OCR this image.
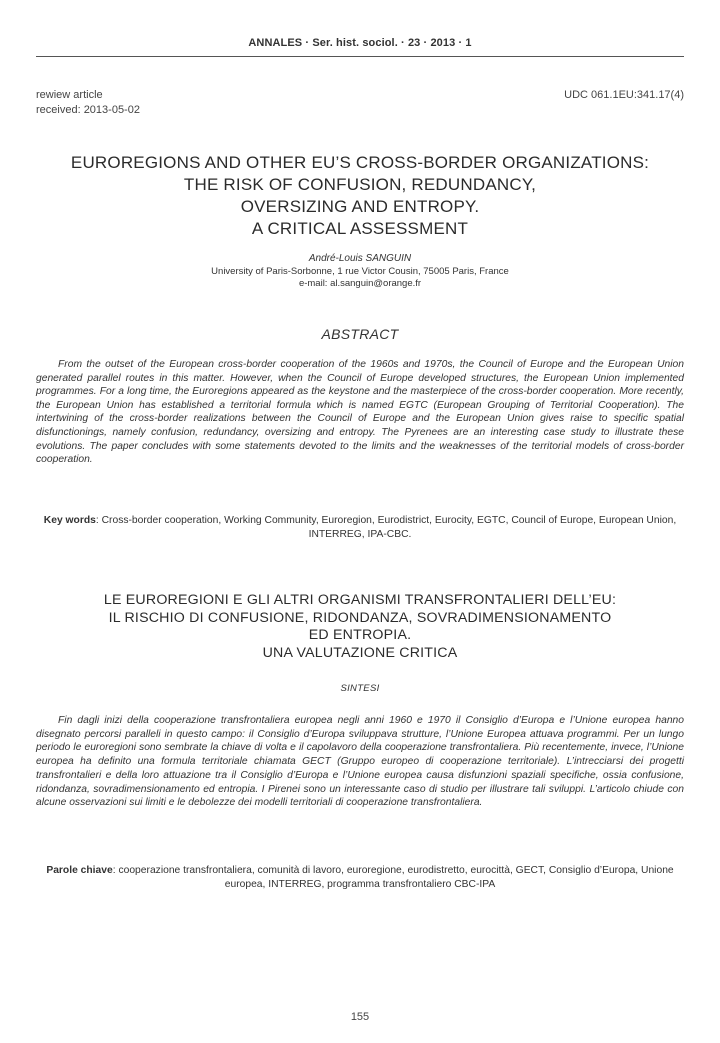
ANNALES · Ser. hist. sociol. · 23 · 2013 · 1
rewiew article
received: 2013-05-02
UDC 061.1EU:341.17(4)
EUROREGIONS AND OTHER EU’S CROSS-BORDER ORGANIZATIONS:
THE RISK OF CONFUSION, REDUNDANCY,
OVERSIZING AND ENTROPY.
A CRITICAL ASSESSMENT
André-Louis SANGUIN
University of Paris-Sorbonne, 1 rue Victor Cousin, 75005 Paris, France
e-mail: al.sanguin@orange.fr
ABSTRACT
From the outset of the European cross-border cooperation of the 1960s and 1970s, the Council of Europe and the European Union generated parallel routes in this matter. However, when the Council of Europe developed structures, the European Union implemented programmes. For a long time, the Euroregions appeared as the keystone and the masterpiece of the cross-border cooperation. More recently, the European Union has established a territorial formula which is named EGTC (European Grouping of Territorial Cooperation). The intertwining of the cross-border realizations between the Council of Europe and the European Union gives raise to specific spatial disfunctionings, namely confusion, redundancy, oversizing and entropy. The Pyrenees are an interesting case study to illustrate these evolutions. The paper concludes with some statements devoted to the limits and the weaknesses of the territorial models of cross-border cooperation.
Key words: Cross-border cooperation, Working Community, Euroregion, Eurodistrict, Eurocity, EGTC, Council of Europe, European Union, INTERREG, IPA-CBC.
LE EUROREGIONI E GLI ALTRI ORGANISMI TRANSFRONTALIERI DELL’EU:
IL RISCHIO DI CONFUSIONE, RIDONDANZA, SOVRADIMENSIONAMENTO
ED ENTROPIA.
UNA VALUTAZIONE CRITICA
SINTESI
Fin dagli inizi della cooperazione transfrontaliera europea negli anni 1960 e 1970 il Consiglio d’Europa e l’Unione europea hanno disegnato percorsi paralleli in questo campo: il Consiglio d’Europa sviluppava strutture, l’Unione Europea attuava programmi. Per un lungo periodo le euroregioni sono sembrate la chiave di volta e il capolavoro della cooperazione transfrontaliera. Più recentemente, invece, l’Unione europea ha definito una formula territoriale chiamata GECT (Gruppo europeo di cooperazione territoriale). L’intrecciarsi dei progetti transfrontalieri e della loro attuazione tra il Consiglio d’Europa e l’Unione europea causa disfunzioni spaziali specifiche, ossia confusione, ridondanza, sovradimensionamento ed entropia. I Pirenei sono un interessante caso di studio per illustrare tali sviluppi. L’articolo chiude con alcune osservazioni sui limiti e le debolezze dei modelli territoriali di cooperazione transfrontaliera.
Parole chiave: cooperazione transfrontaliera, comunità di lavoro, euroregione, eurodistretto, eurocittà, GECT, Consiglio d’Europa, Unione europea, INTERREG, programma transfrontaliero CBC-IPA
155
